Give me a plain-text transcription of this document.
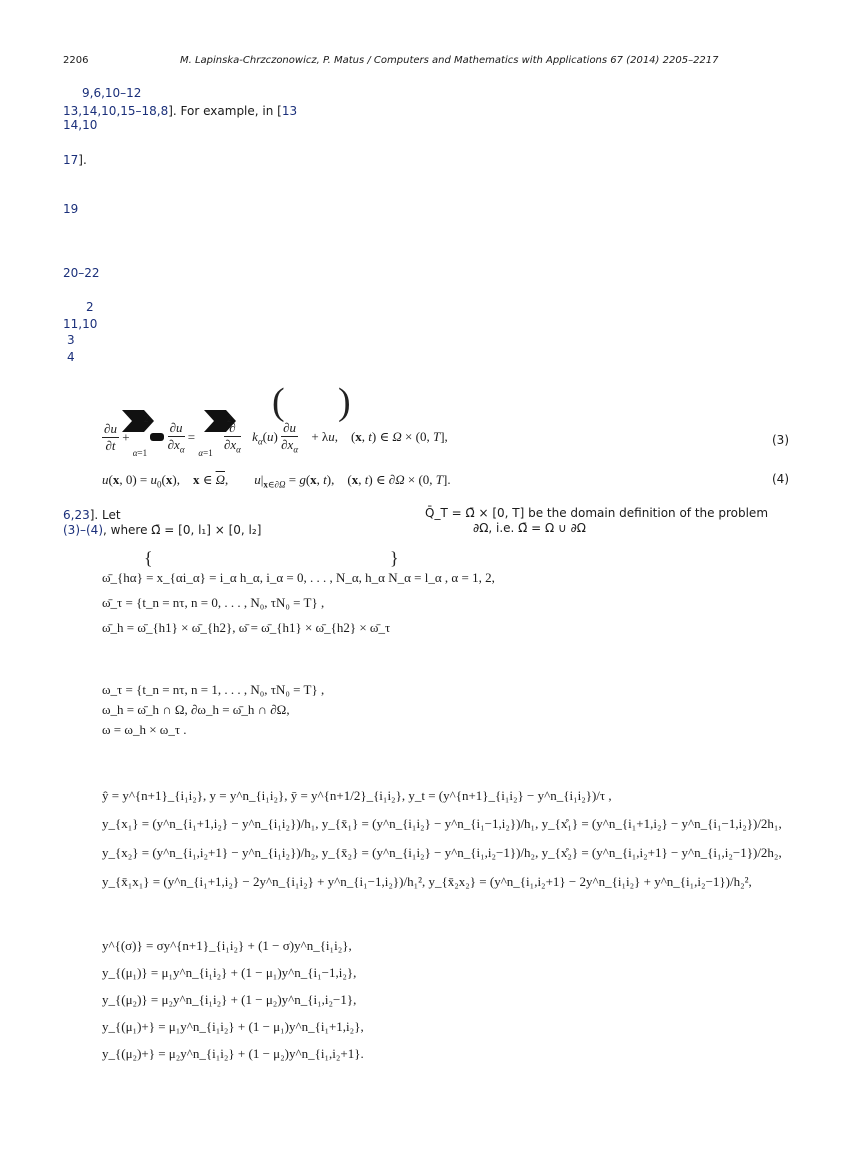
2206	M. Lapinska-Chrzczonowicz, P. Matus / Computers and Mathematics with Applications 67 (2014) 2205–2217
9,6,10–12
13,14,10,15–18,8]. For example, in [13
14,10
17].
19
20–22
2
11,10
3
4
( )
$\frac{\partial u}{\partial t} + \alpha=1 \frac{\partial u}{\partial x_\alpha} = \alpha=1$
∂
$\partial x_\alpha$
$k_\alpha(u) \frac{\partial u}{\partial x_\alpha} + \lambda u$,    (x, t) ∈ Ω × (0, T],
2	2
(3)
u(x, $0) = u_0(x)$,    x ∈ $\overline{\Omega}$,        $u|_{x\in\partial\Omega} = g(x$, t),    (x, t) ∈ ∂Ω × (0, T].	(4)
6,23]. Let
(3)–(4), where Ω̄ = [0, l₁] × [0, l₂]
Q̄_T = Ω̄ × [0, T] be the domain definition of the problem
∂Ω, i.e. Ω̄ = Ω ∪ ∂Ω
{	}
ω̄_{hα} = x_{αi_α} = i_α h_α, i_α = 0, . . . , N_α, h_α N_α = l_α , α = 1, 2,
ω̄_τ = {t_n = nτ, n = 0, . . . , N₀, τN₀ = T} ,
ω̄_h = ω̄_{h1} × ω̄_{h2}, ω̄ = ω̄_{h1} × ω̄_{h2} × ω̄_τ
ω_τ = {t_n = nτ, n = 1, . . . , N₀, τN₀ = T} ,
ω_h = ω̄_h ∩ Ω, ∂ω_h = ω̄_h ∩ ∂Ω,
ω = ω_h × ω_τ .
ŷ = y^{n+1}_{i₁i₂}, y = y^n_{i₁i₂}, ȳ = y^{n+1/2}_{i₁i₂}, y_t = (y^{n+1}_{i₁i₂} − y^n_{i₁i₂})/τ ,
y_{x₁} = (y^n_{i₁+1,i₂} − y^n_{i₁i₂})/h₁, y_{x̄₁} = (y^n_{i₁i₂} − y^n_{i₁−1,i₂})/h₁, y_{x̊₁} = (y^n_{i₁+1,i₂} − y^n_{i₁−1,i₂})/2h₁,
y_{x₂} = (y^n_{i₁,i₂+1} − y^n_{i₁i₂})/h₂, y_{x̄₂} = (y^n_{i₁i₂} − y^n_{i₁,i₂−1})/h₂, y_{x̊₂} = (y^n_{i₁,i₂+1} − y^n_{i₁,i₂−1})/2h₂,
y_{x̄₁x₁} = (y^n_{i₁+1,i₂} − 2y^n_{i₁i₂} + y^n_{i₁−1,i₂})/h₁², y_{x̄₂x₂} = (y^n_{i₁,i₂+1} − 2y^n_{i₁i₂} + y^n_{i₁,i₂−1})/h₂²,
y^{(σ)} = σy^{n+1}_{i₁i₂} + (1 − σ)y^n_{i₁i₂},
y_{(μ₁)} = μ₁y^n_{i₁i₂} + (1 − μ₁)y^n_{i₁−1,i₂},
y_{(μ₂)} = μ₂y^n_{i₁i₂} + (1 − μ₂)y^n_{i₁,i₂−1},
y_{(μ₁)+} = μ₁y^n_{i₁i₂} + (1 − μ₁)y^n_{i₁+1,i₂},
y_{(μ₂)+} = μ₂y^n_{i₁i₂} + (1 − μ₂)y^n_{i₁,i₂+1}.
